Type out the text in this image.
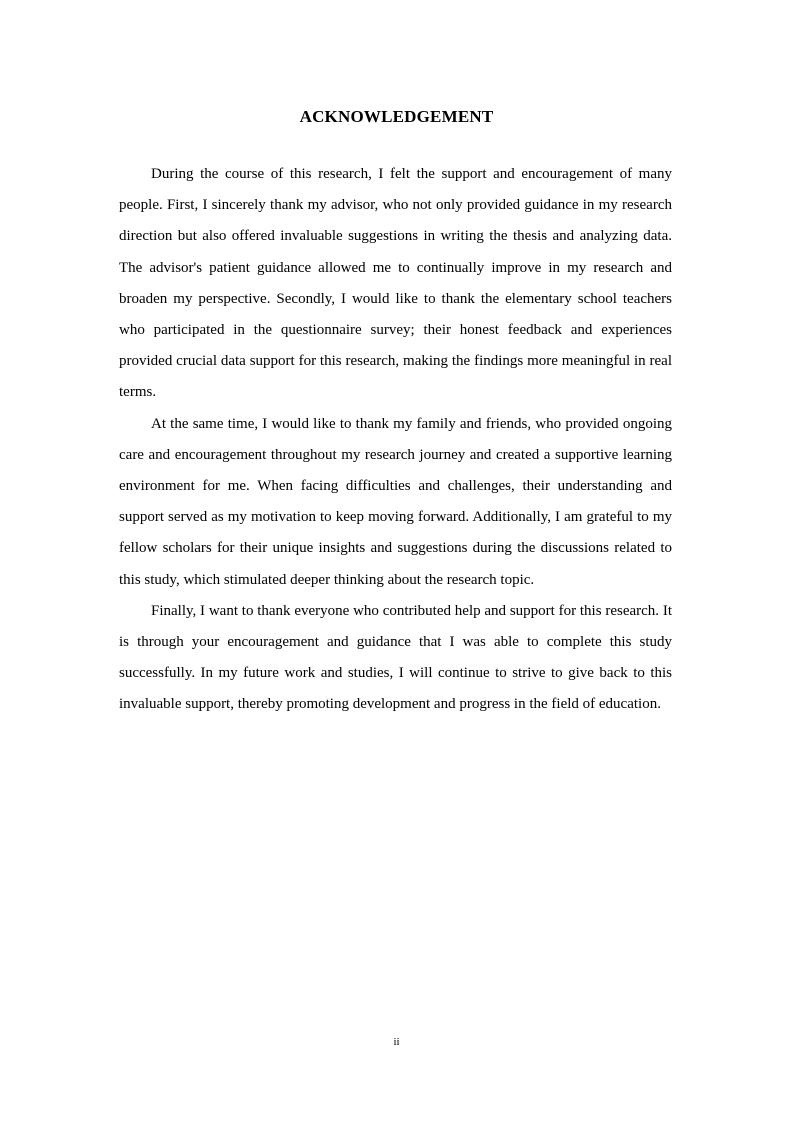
ACKNOWLEDGEMENT

During the course of this research, I felt the support and encouragement of many people. First, I sincerely thank my advisor, who not only provided guidance in my research direction but also offered invaluable suggestions in writing the thesis and analyzing data. The advisor's patient guidance allowed me to continually improve in my research and broaden my perspective. Secondly, I would like to thank the elementary school teachers who participated in the questionnaire survey; their honest feedback and experiences provided crucial data support for this research, making the findings more meaningful in real terms.

At the same time, I would like to thank my family and friends, who provided ongoing care and encouragement throughout my research journey and created a supportive learning environment for me. When facing difficulties and challenges, their understanding and support served as my motivation to keep moving forward. Additionally, I am grateful to my fellow scholars for their unique insights and suggestions during the discussions related to this study, which stimulated deeper thinking about the research topic.

Finally, I want to thank everyone who contributed help and support for this research. It is through your encouragement and guidance that I was able to complete this study successfully. In my future work and studies, I will continue to strive to give back to this invaluable support, thereby promoting development and progress in the field of education.

ii
